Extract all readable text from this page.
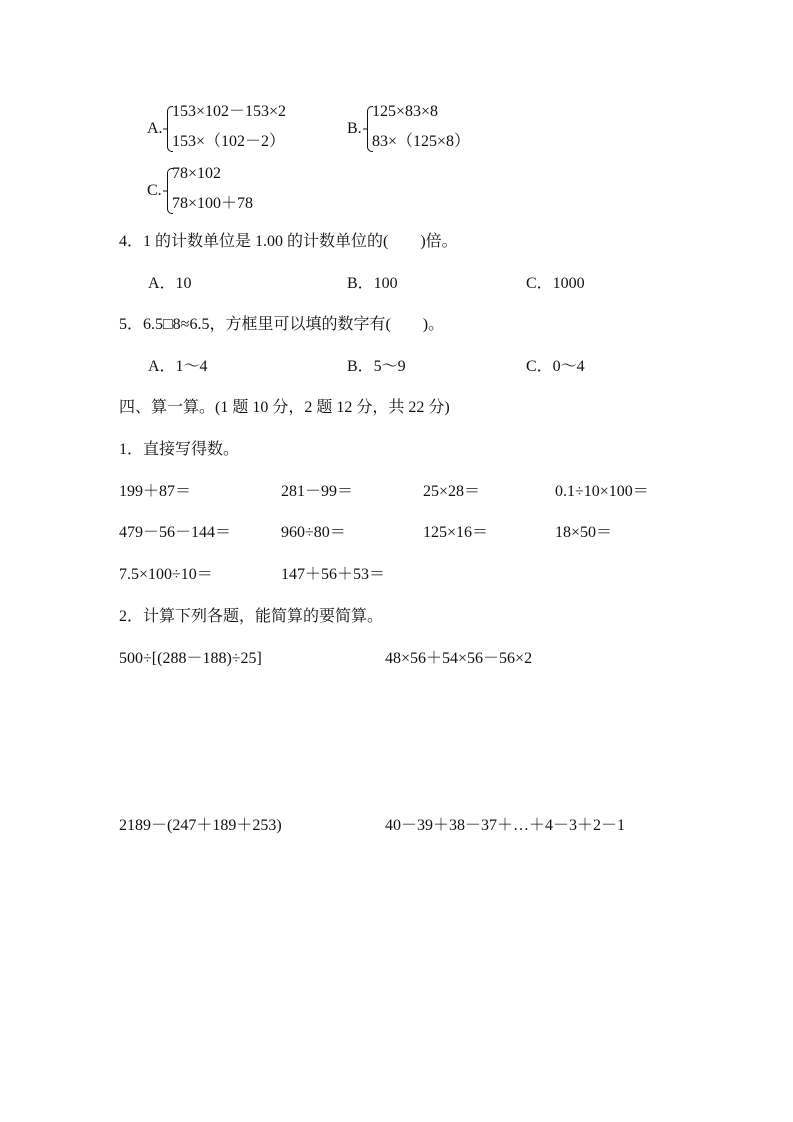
A.
153×102－153×2
153×（102－2）
B.
125×83×8
83×（125×8）
C.
78×102
78×100＋78
4．1 的计数单位是 1.00 的计数单位的(　　)倍。
A．10	B．100	C．1000
5．6.5□8≈6.5，方框里可以填的数字有(　　)。
A．1～4	B．5～9	C．0～4
四、算一算。(1 题 10 分，2 题 12 分，共 22 分)
1．直接写得数。
199＋87＝	281－99＝	25×28＝	0.1÷10×100＝
479－56－144＝	960÷80＝	125×16＝	18×50＝
7.5×100÷10＝	147＋56＋53＝
2．计算下列各题，能简算的要简算。
500÷[(288－188)÷25]	48×56＋54×56－56×2
2189－(247＋189＋253)	40－39＋38－37＋…＋4－3＋2－1
